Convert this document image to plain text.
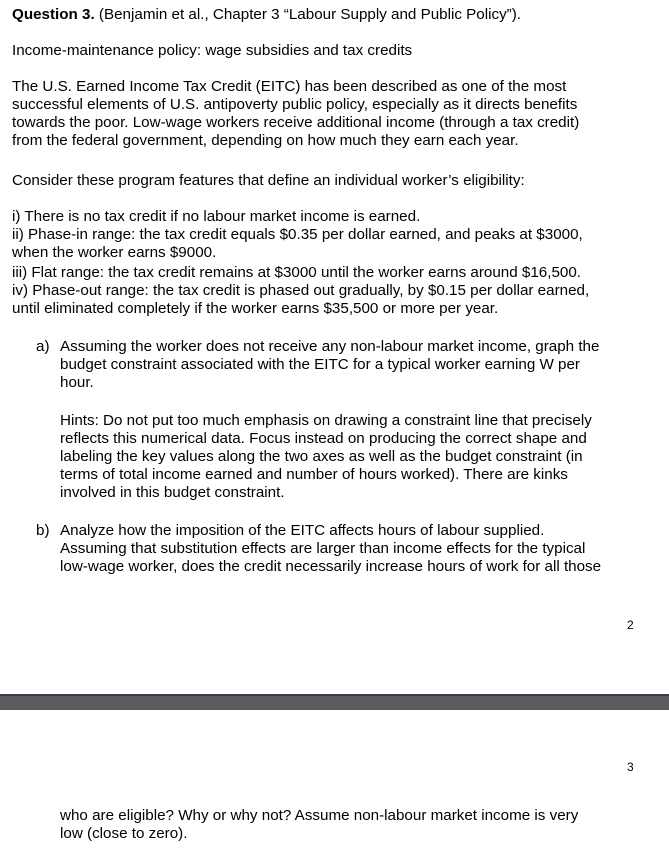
Question 3. (Benjamin et al., Chapter 3 “Labour Supply and Public Policy”).

Income-maintenance policy: wage subsidies and tax credits

The U.S. Earned Income Tax Credit (EITC) has been described as one of the most

successful elements of U.S. antipoverty public policy, especially as it directs benefits

towards the poor. Low-wage workers receive additional income (through a tax credit)

from the federal government, depending on how much they earn each year.

Consider these program features that define an individual worker’s eligibility:

i) There is no tax credit if no labour market income is earned.

ii) Phase-in range: the tax credit equals $0.35 per dollar earned, and peaks at $3000,

when the worker earns $9000.

iii) Flat range: the tax credit remains at $3000 until the worker earns around $16,500.

iv) Phase-out range: the tax credit is phased out gradually, by $0.15 per dollar earned,

until eliminated completely if the worker earns $35,500 or more per year.

a) Assuming the worker does not receive any non-labour market income, graph the

budget constraint associated with the EITC for a typical worker earning W per

hour.

Hints: Do not put too much emphasis on drawing a constraint line that precisely

reflects this numerical data. Focus instead on producing the correct shape and

labeling the key values along the two axes as well as the budget constraint (in

terms of total income earned and number of hours worked). There are kinks

involved in this budget constraint.

b) Analyze how the imposition of the EITC affects hours of labour supplied.

Assuming that substitution effects are larger than income effects for the typical

low-wage worker, does the credit necessarily increase hours of work for all those

2
3

who are eligible? Why or why not? Assume non-labour market income is very

low (close to zero).
